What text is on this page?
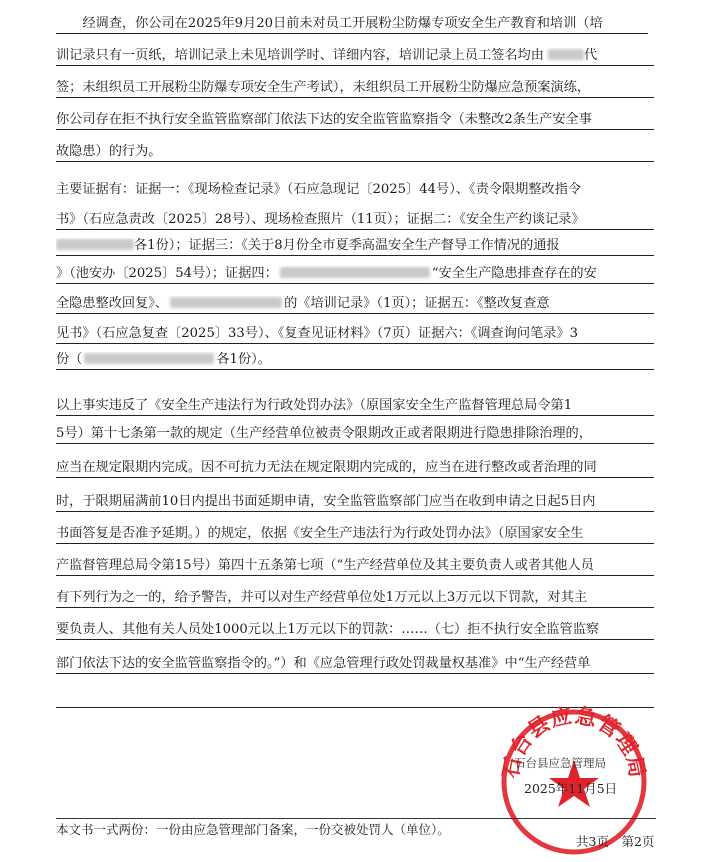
　　经调查，你公司在2025年9月20日前未对员工开展粉尘防爆专项安全生产教育和培训（培
训记录只有一页纸，培训记录上未见培训学时、详细内容，培训记录上员工签名均由	代
签；未组织员工开展粉尘防爆专项安全生产考试），未组织员工开展粉尘防爆应急预案演练，
你公司存在拒不执行安全监管监察部门依法下达的安全监管监察指令（未整改2条生产安全事
故隐患）的行为。
主要证据有：证据一：《现场检查记录》（石应急现记〔2025〕44号）、《责令限期整改指令
书》（石应急责改〔2025〕28号）、现场检查照片（11页）；证据二：《安全生产约谈记录》
各1份）；证据三：《关于8月份全市夏季高温安全生产督导工作情况的通报
》（池安办〔2025〕54号）；证据四：	“安全生产隐患排查存在的安
全隐患整改回复》、	的《培训记录》（1页）；证据五：《整改复查意
见书》（石应急复查〔2025〕33号）、《复查见证材料》（7页）证据六：《调查询问笔录》3
份（	各1份）。
以上事实违反了《安全生产违法行为行政处罚办法》（原国家安全生产监督管理总局令第1
5号）第十七条第一款的规定（生产经营单位被责令限期改正或者限期进行隐患排除治理的，
应当在规定限期内完成。因不可抗力无法在规定限期内完成的，应当在进行整改或者治理的同
时，于限期届满前10日内提出书面延期申请，安全监管监察部门应当在收到申请之日起5日内
书面答复是否准予延期。）的规定，依据《安全生产违法行为行政处罚办法》（原国家安全生
产监督管理总局令第15号）第四十五条第七项（“生产经营单位及其主要负责人或者其他人员
有下列行为之一的，给予警告，并可以对生产经营单位处1万元以上3万元以下罚款，对其主
要负责人、其他有关人员处1000元以上1万元以下的罚款：……（七）拒不执行安全监管监察
部门依法下达的安全监管监察指令的。”）和《应急管理行政处罚裁量权基准》中“生产经营单
石台县应急管理局
石台县应急管理局
2025年11月5日
本文书一式两份：一份由应急管理部门备案，一份交被处罚人（单位）。
共3页　第2页
